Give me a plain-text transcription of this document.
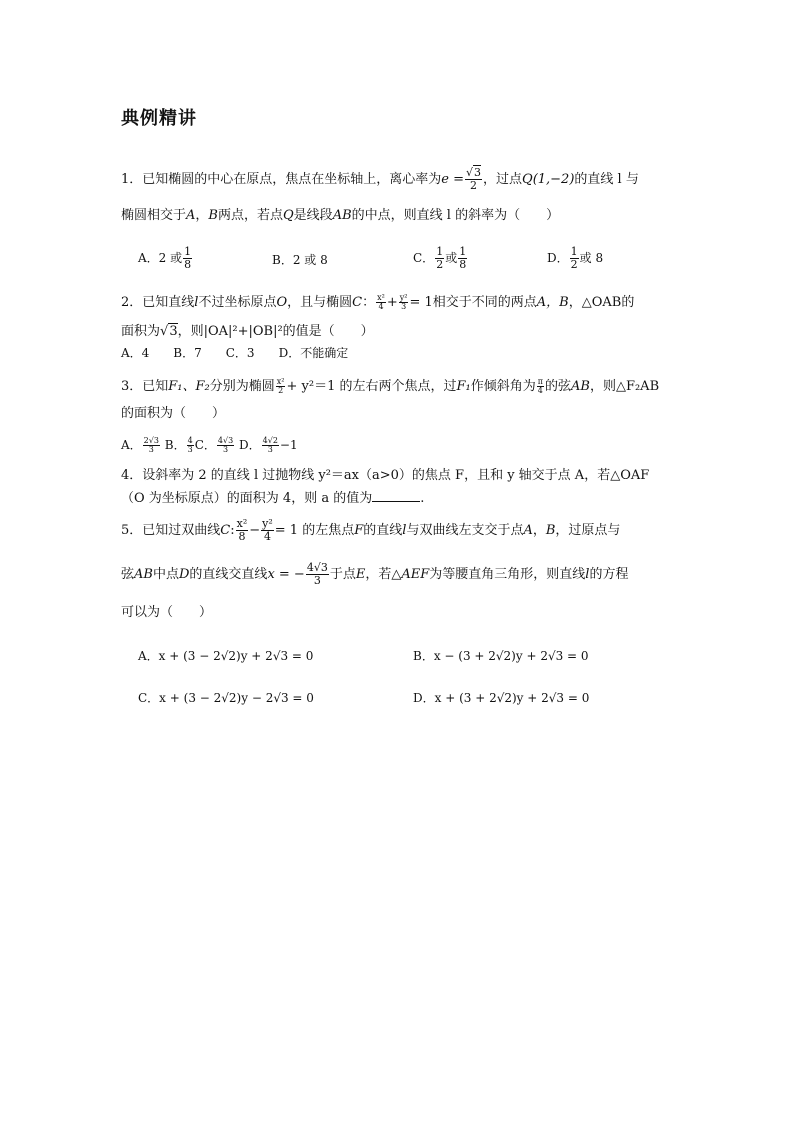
典例精讲
1．已知椭圆的中心在原点，焦点在坐标轴上，离心率为$e = \frac{√3}{2}$ ，过点Q(1,−2)的直线 l 与
椭圆相交于A，B两点，若点Q是线段AB的中点，则直线 l 的斜率为（　　）
A．2 或 $\frac{1}{8}$	B．2 或 8	C． $\frac{1}{2}$ 或 $\frac{1}{8}$	D． $\frac{1}{2}$ 或 8
2．已知直线l不过坐标原点O，且与椭圆C： $\frac{\text{x²}}{4} + \frac{\text{y²}}{3} = 1$相交于不同的两点A，B，△OAB的
面积为√3，则|OA|²+|OB|²的值是（　　）
A．4　　B．7　　C．3　　D．不能确定
3．已知F₁、F₂分别为椭圆 $\frac{\text{x²}}{2} + y^2=1$ 的左右两个焦点，过F₁作倾斜角为 $\frac{\pi}{4}$ 的弦AB，则△F₂AB
的面积为（　　）
A． $\frac{2√3}{3}$ B． $\frac{4}{3}$ C． $\frac{4√3}{3}$ D． $\frac{4√2}{3} -1$
4．设斜率为 2 的直线 l 过抛物线 y²＝ax（a>0）的焦点 F，且和 y 轴交于点 A，若△OAF
（O 为坐标原点）的面积为 4，则 a 的值为	.
5．已知过双曲线C: $\frac{\text{x²}}{8} - \frac{\text{y²}}{4} = 1$ 的左焦点F的直线l与双曲线左支交于点A，B，过原点与
弦AB中点D的直线交直线x = − $\frac{4√3}{3}$ 于点E，若△AEF为等腰直角三角形，则直线l的方程
可以为（　　）
A．x + (3 − 2√2)y + 2√3 = 0	B．x − (3 + 2√2)y + 2√3 = 0
C．x + (3 − 2√2)y − 2√3 = 0	D．x + (3 + 2√2)y + 2√3 = 0
